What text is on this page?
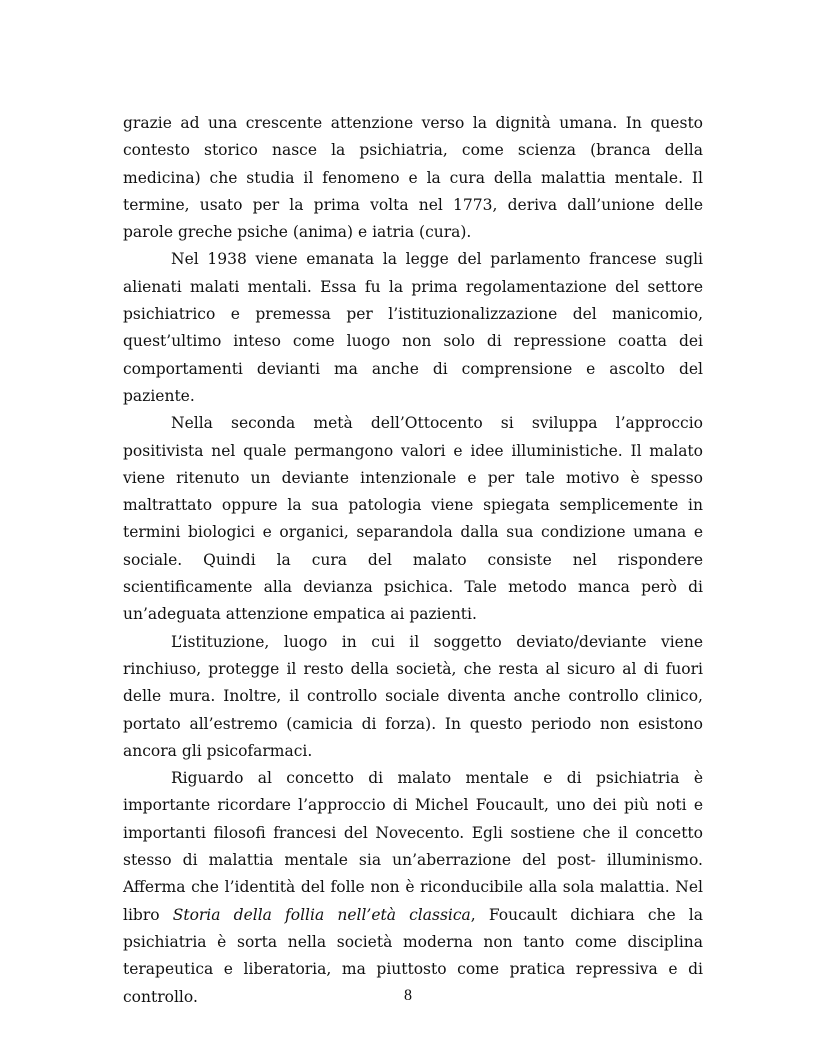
grazie ad una crescente attenzione verso la dignità umana. In questo contesto storico nasce la psichiatria, come scienza (branca della medicina) che studia il fenomeno e la cura della malattia mentale. Il termine, usato per la prima volta nel 1773, deriva dall’unione delle parole greche psiche (anima) e iatria (cura).

Nel 1938 viene emanata la legge del parlamento francese sugli alienati malati mentali. Essa fu la prima regolamentazione del settore psichiatrico e premessa per l’istituzionalizzazione del manicomio, quest’ultimo inteso come luogo non solo di repressione coatta dei comportamenti devianti ma anche di comprensione e ascolto del paziente.

Nella seconda metà dell’Ottocento si sviluppa l’approccio positivista nel quale permangono valori e idee illuministiche. Il malato viene ritenuto un deviante intenzionale e per tale motivo è spesso maltrattato oppure la sua patologia viene spiegata semplicemente in termini biologici e organici, separandola dalla sua condizione umana e sociale. Quindi la cura del malato consiste nel rispondere scientificamente alla devianza psichica. Tale metodo manca però di un’adeguata attenzione empatica ai pazienti.

L’istituzione, luogo in cui il soggetto deviato/deviante viene rinchiuso, protegge il resto della società, che resta al sicuro al di fuori delle mura. Inoltre, il controllo sociale diventa anche controllo clinico, portato all’estremo (camicia di forza). In questo periodo non esistono ancora gli psicofarmaci.

Riguardo al concetto di malato mentale e di psichiatria è importante ricordare l’approccio di Michel Foucault, uno dei più noti e importanti filosofi francesi del Novecento. Egli sostiene che il concetto stesso di malattia mentale sia un’aberrazione del post- illuminismo. Afferma che l’identità del folle non è riconducibile alla sola malattia. Nel libro Storia della follia nell’età classica, Foucault dichiara che la psichiatria è sorta nella società moderna non tanto come disciplina terapeutica e liberatoria, ma piuttosto come pratica repressiva e di controllo.	8
